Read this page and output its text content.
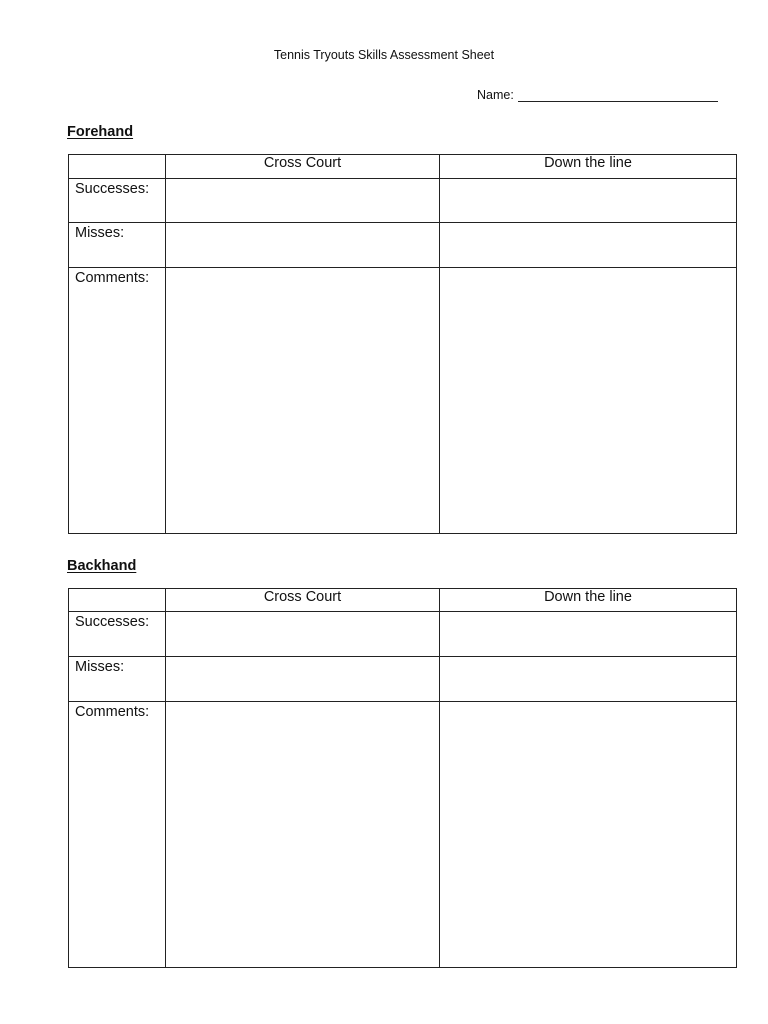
Tennis Tryouts Skills Assessment Sheet
Name:
Forehand
	Cross Court	Down the line
Successes:		
Misses:		
Comments:		
Backhand
	Cross Court	Down the line
Successes:		
Misses:		
Comments:		
